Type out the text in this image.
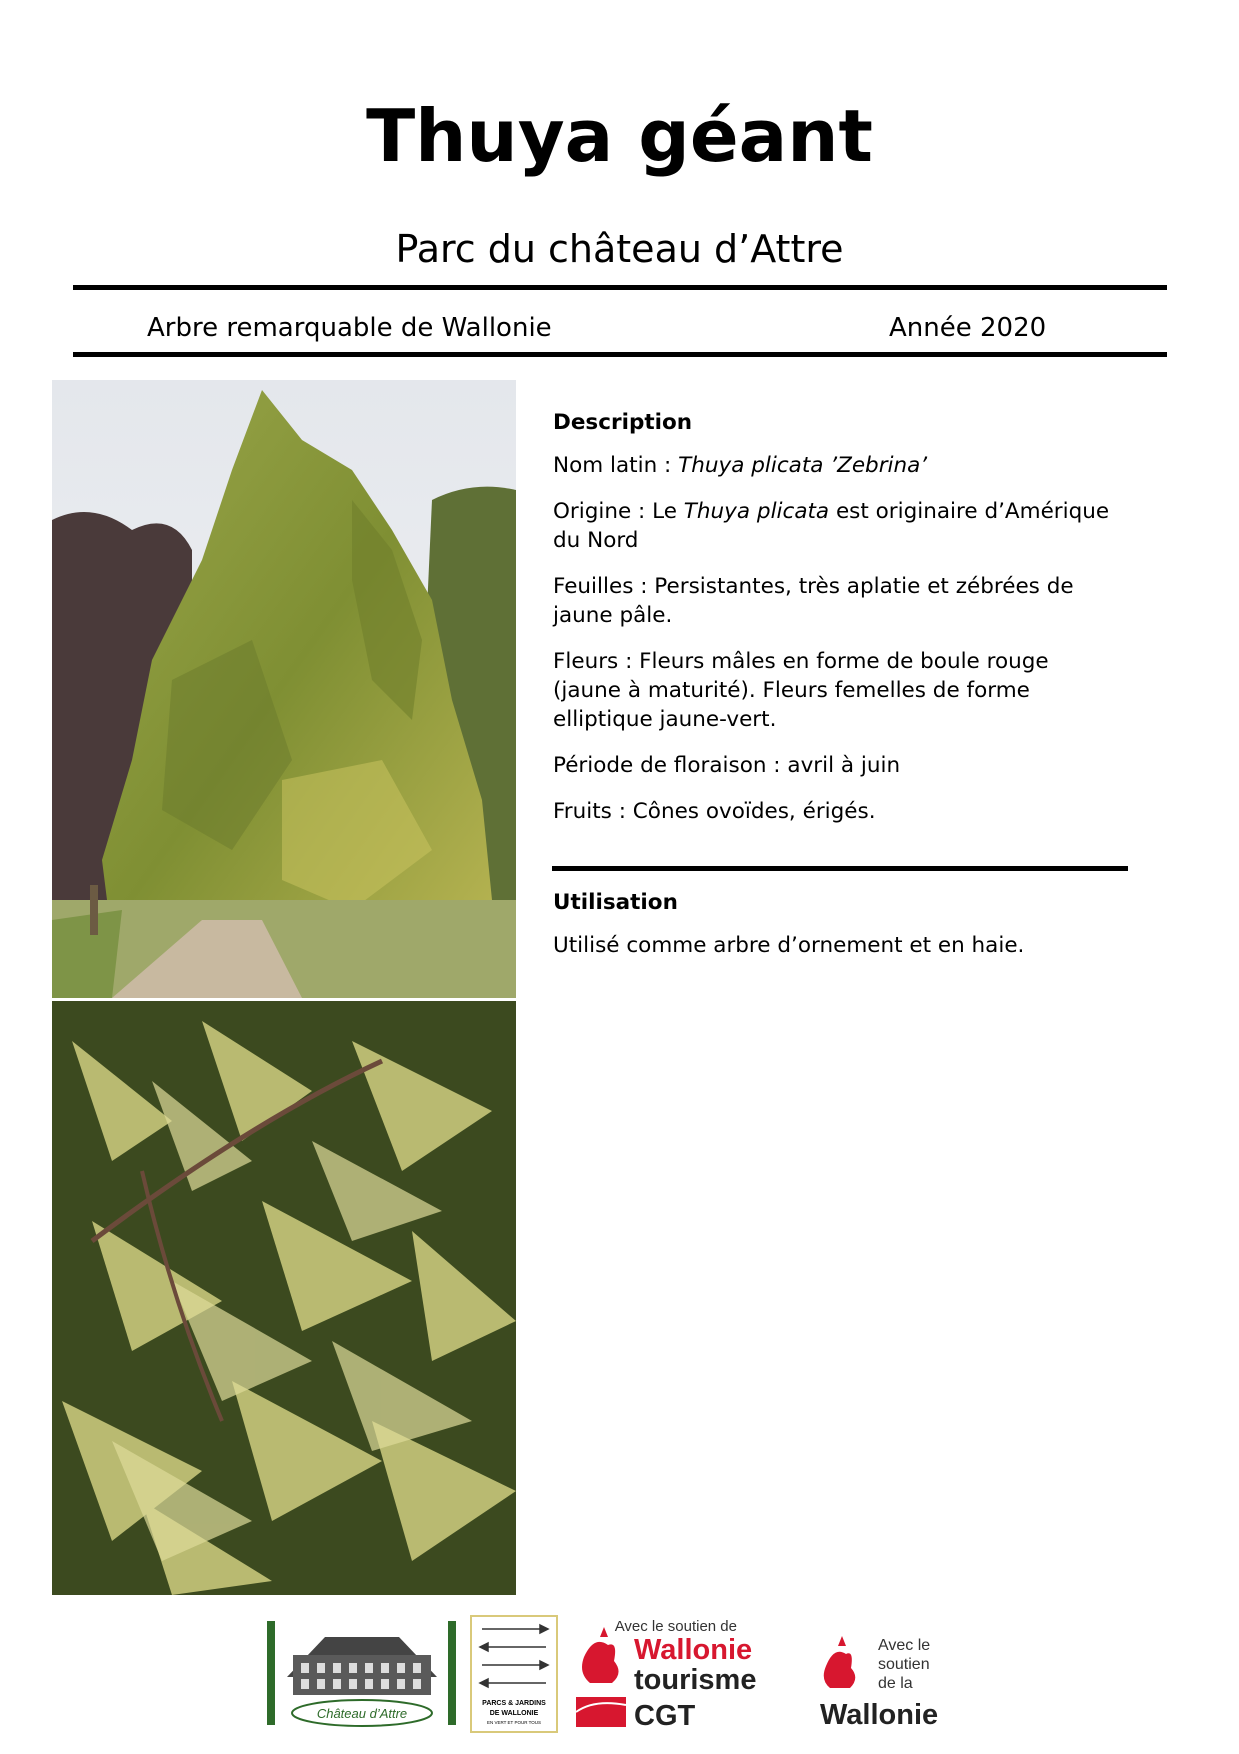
Thuya géant
Parc du château d’Attre
Arbre remarquable de Wallonie	Année 2020
Description

Nom latin : Thuya plicata ’Zebrina’

Origine : Le Thuya plicata est originaire d’Amérique du Nord

Feuilles : Persistantes, très aplatie et zébrées de jaune pâle.

Fleurs : Fleurs mâles en forme de boule rouge (jaune à maturité). Fleurs femelles de forme elliptique jaune-vert.

Période de floraison : avril à juin

Fruits : Cônes ovoïdes, érigés.

Utilisation

Utilisé comme arbre d’ornement et en haie.

Château d’Attre
PARCS & JARDINS
DE WALLONIE
EN VERT ET POUR TOUS
Avec le soutien de
Wallonie
tourisme
CGT
Avec le
soutien
de la
Wallonie
